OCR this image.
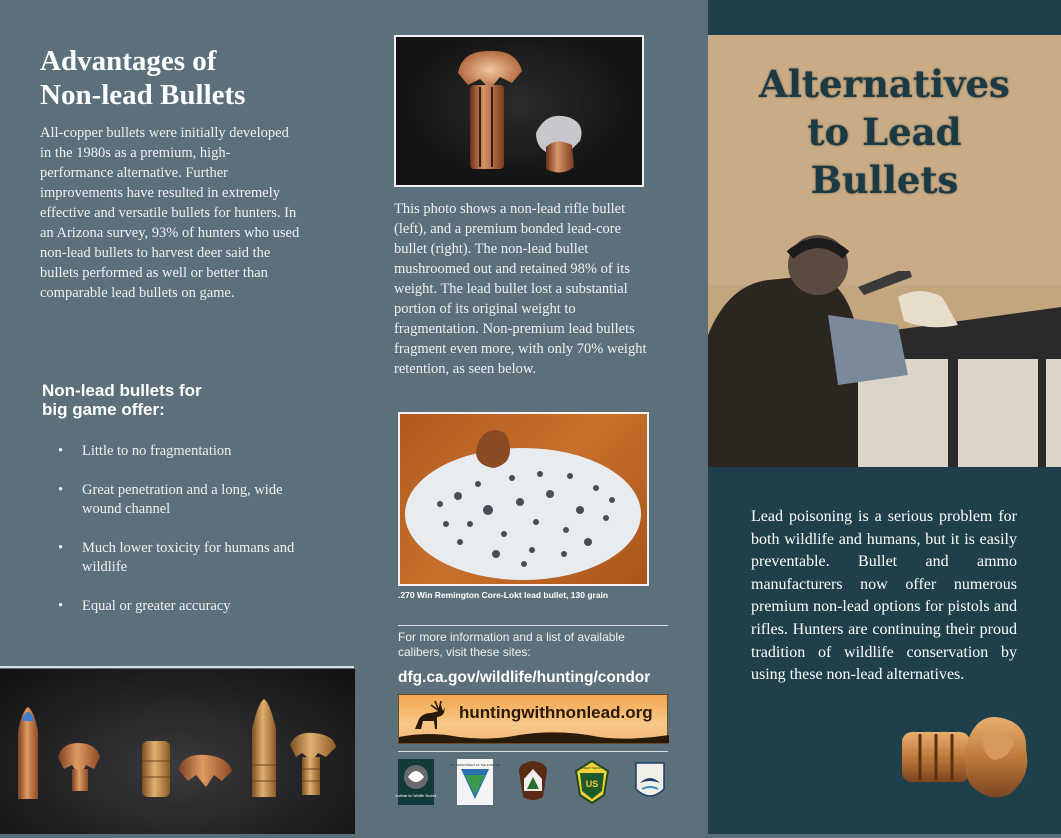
Advantages of
Non-lead Bullets

All-copper bullets were initially developed in the 1980s as a premium, high-performance alternative. Further improvements have resulted in extremely effective and versatile bullets for hunters. In an Arizona survey, 93% of hunters who used non-lead bullets to harvest deer said the bullets performed as well or better than comparable lead bullets on game.

Non-lead bullets for
big game offer:
• Little to no fragmentation
• Great penetration and a long, wide wound channel
• Much lower toxicity for humans and wildlife
• Equal or greater accuracy

This photo shows a non-lead rifle bullet (left), and a premium bonded lead-core bullet (right). The non-lead bullet mushroomed out and retained 98% of its weight. The lead bullet lost a substantial portion of its original weight to fragmentation. Non-premium lead bullets fragment even more, with only 70% weight retention, as seen below.

.270 Win Remington Core-Lokt lead bullet, 130 grain

For more information and a list of available calibers, visit these sites:

dfg.ca.gov/wildlife/hunting/condor
huntingwithnonlead.org
Institute for Wildlife Studies
U.S. DEPARTMENT OF THE INTERIOR
US
FOREST SERVICE
Alternatives
to Lead
Bullets

Lead poisoning is a serious problem for both wildlife and humans, but it is easily preventable. Bullet and ammo manufacturers now offer numerous premium non-lead options for pistols and rifles. Hunters are continuing their proud tradition of wildlife conservation by using these non-lead alternatives.
